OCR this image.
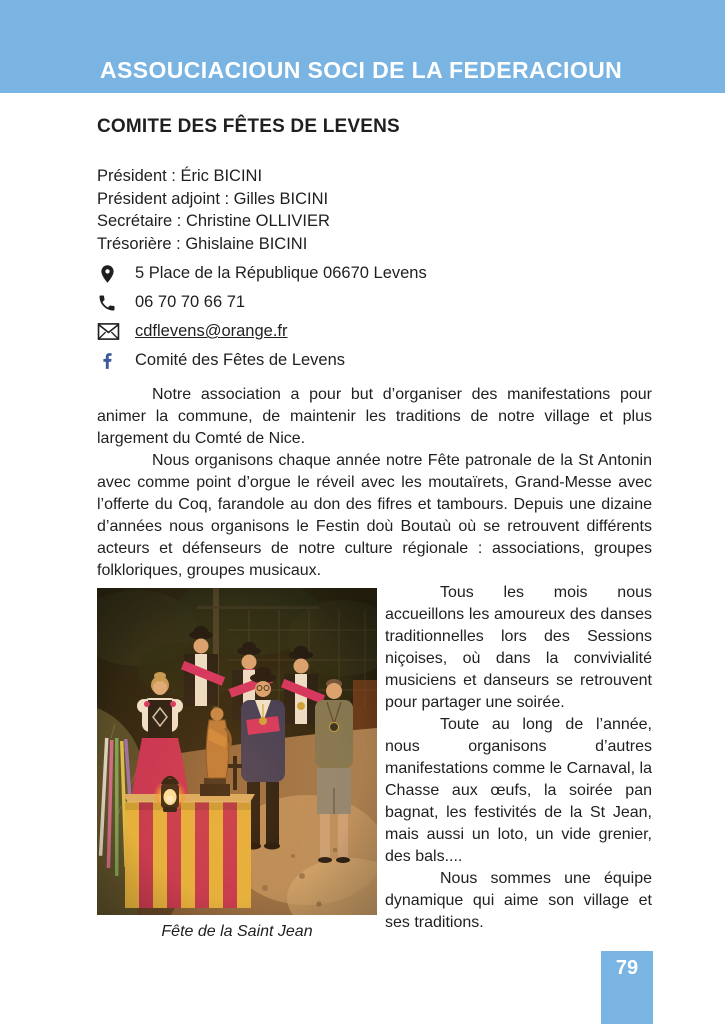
ASSOUCIACIOUN SOCI DE LA FEDERACIOUN
COMITE DES FÊTES DE LEVENS
Président : Éric BICINI
Président adjoint : Gilles BICINI
Secrétaire : Christine OLLIVIER
Trésorière : Ghislaine BICINI
5 Place de la République 06670 Levens
06 70 70 66 71
cdflevens@orange.fr
Comité des Fêtes de Levens

Notre association a pour but d’organiser des manifestations pour animer la commune, de maintenir les traditions de notre village et plus largement du Comté de Nice.

Nous organisons chaque année notre Fête patronale de la St Antonin avec comme point d’orgue le réveil avec les moutaïrets, Grand-Messe avec l’offerte du Coq, farandole au don des fifres et tambours. Depuis une dizaine d’années nous organisons le Festin doù Boutaù où se retrouvent différents acteurs et défenseurs de notre culture régionale : associations, groupes folkloriques, groupes musicaux.

Fête de la Saint Jean

Tous les mois nous accueillons les amoureux des danses traditionnelles lors des Sessions niçoises, où dans la convivialité musiciens et danseurs se retrouvent pour partager une soirée.

Toute au long de l’année, nous organisons d’autres manifestations comme le Carnaval, la Chasse aux œufs, la soirée pan bagnat, les festivités de la St Jean, mais aussi un loto, un vide grenier, des bals....

Nous sommes une équipe dynamique qui aime son village et ses traditions.

79
